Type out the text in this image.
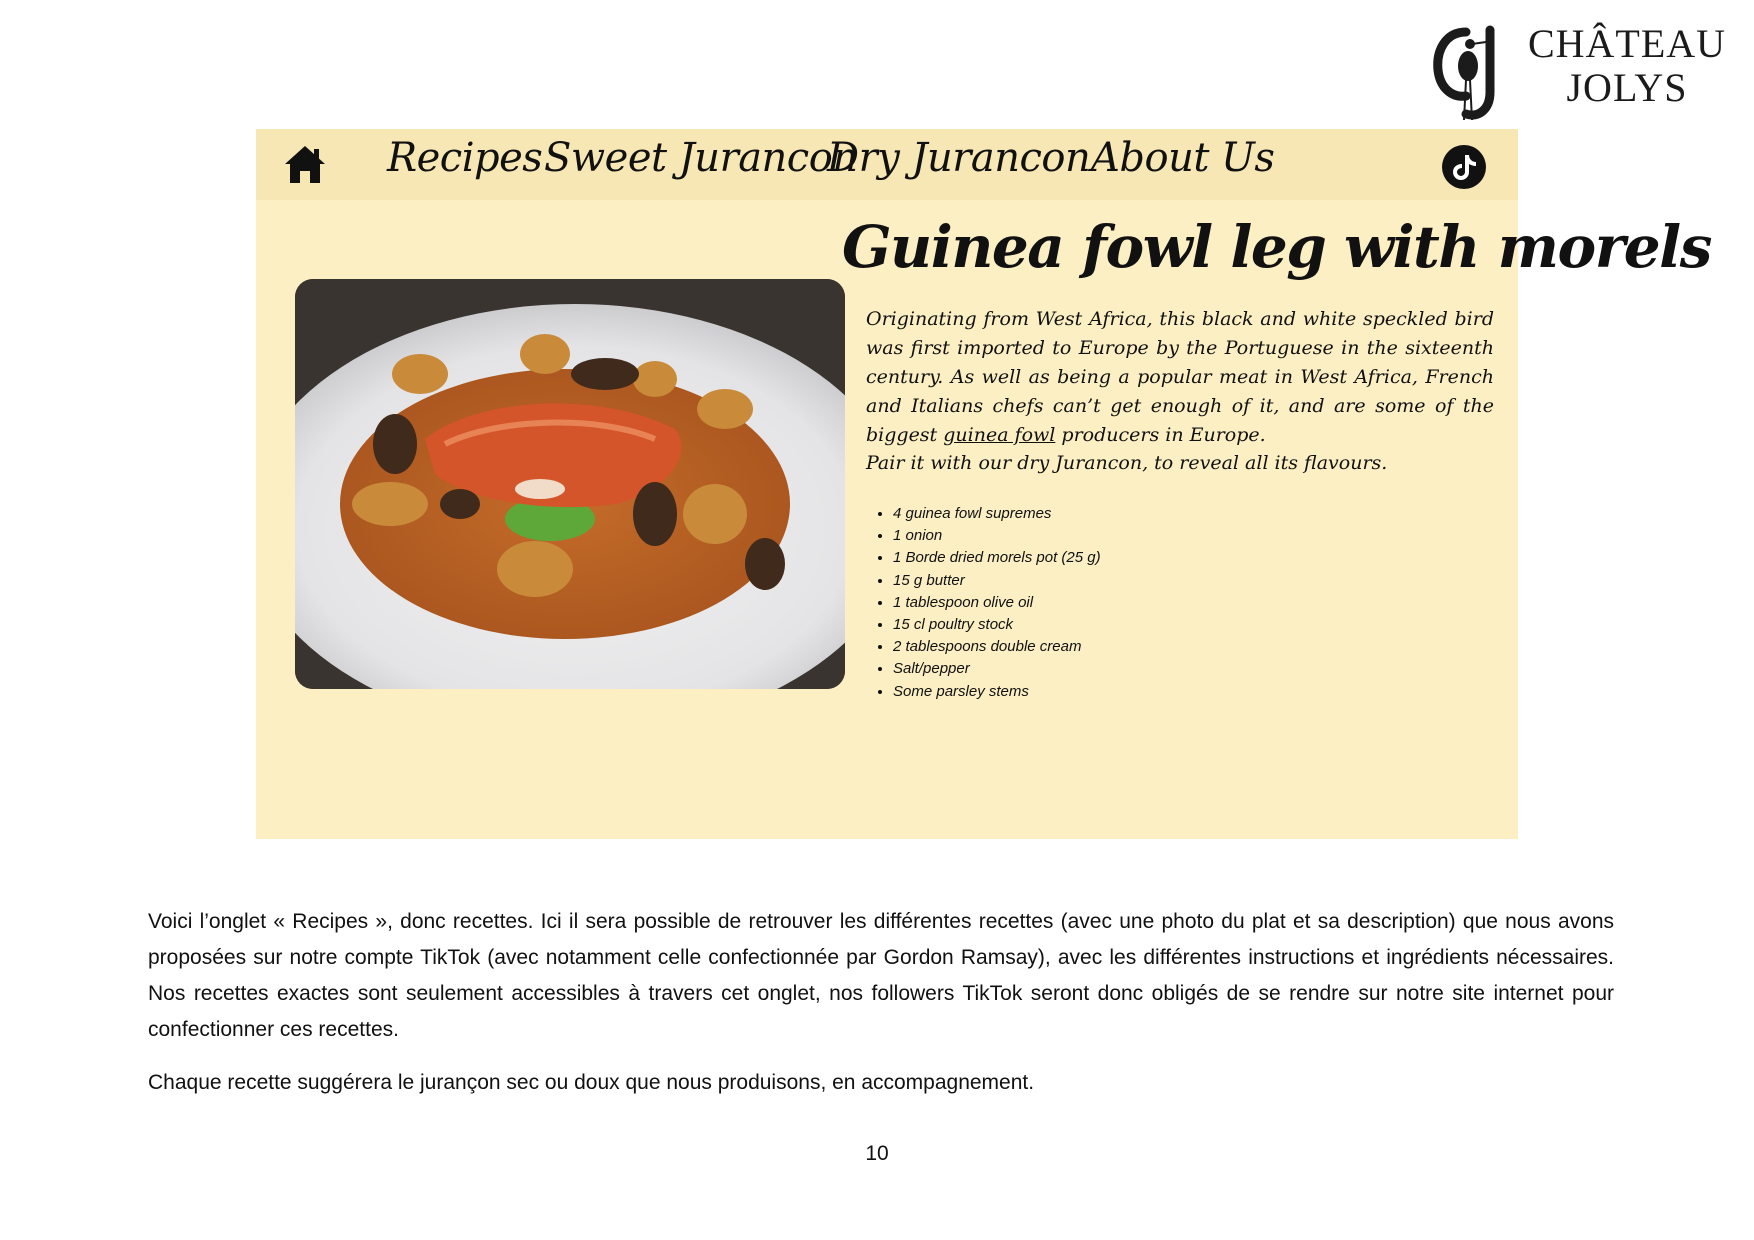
CHÂTEAU
JOLYS
Recipes Sweet Jurancon
Dry Jurancon About Us
Guinea fowl leg with morels
Originating from West Africa, this black and white speckled bird was first imported to Europe by the Portuguese in the sixteenth century. As well as being a popular meat in West Africa, French and Italians chefs can’t get enough of it, and are some of the biggest guinea fowl producers in Europe.
Pair it with our dry Jurancon, to reveal all its flavours.
• 4 guinea fowl supremes
• 1 onion
• 1 Borde dried morels pot (25 g)
• 15 g butter
• 1 tablespoon olive oil
• 15 cl poultry stock
• 2 tablespoons double cream
• Salt/pepper
• Some parsley stems

Voici l’onglet « Recipes », donc recettes. Ici il sera possible de retrouver les différentes recettes (avec une photo du plat et sa description) que nous avons proposées sur notre compte TikTok (avec notamment celle confectionnée par Gordon Ramsay), avec les différentes instructions et ingrédients nécessaires. Nos recettes exactes sont seulement accessibles à travers cet onglet, nos followers TikTok seront donc obligés de se rendre sur notre site internet pour confectionner ces recettes.

Chaque recette suggérera le jurançon sec ou doux que nous produisons, en accompagnement.

10
